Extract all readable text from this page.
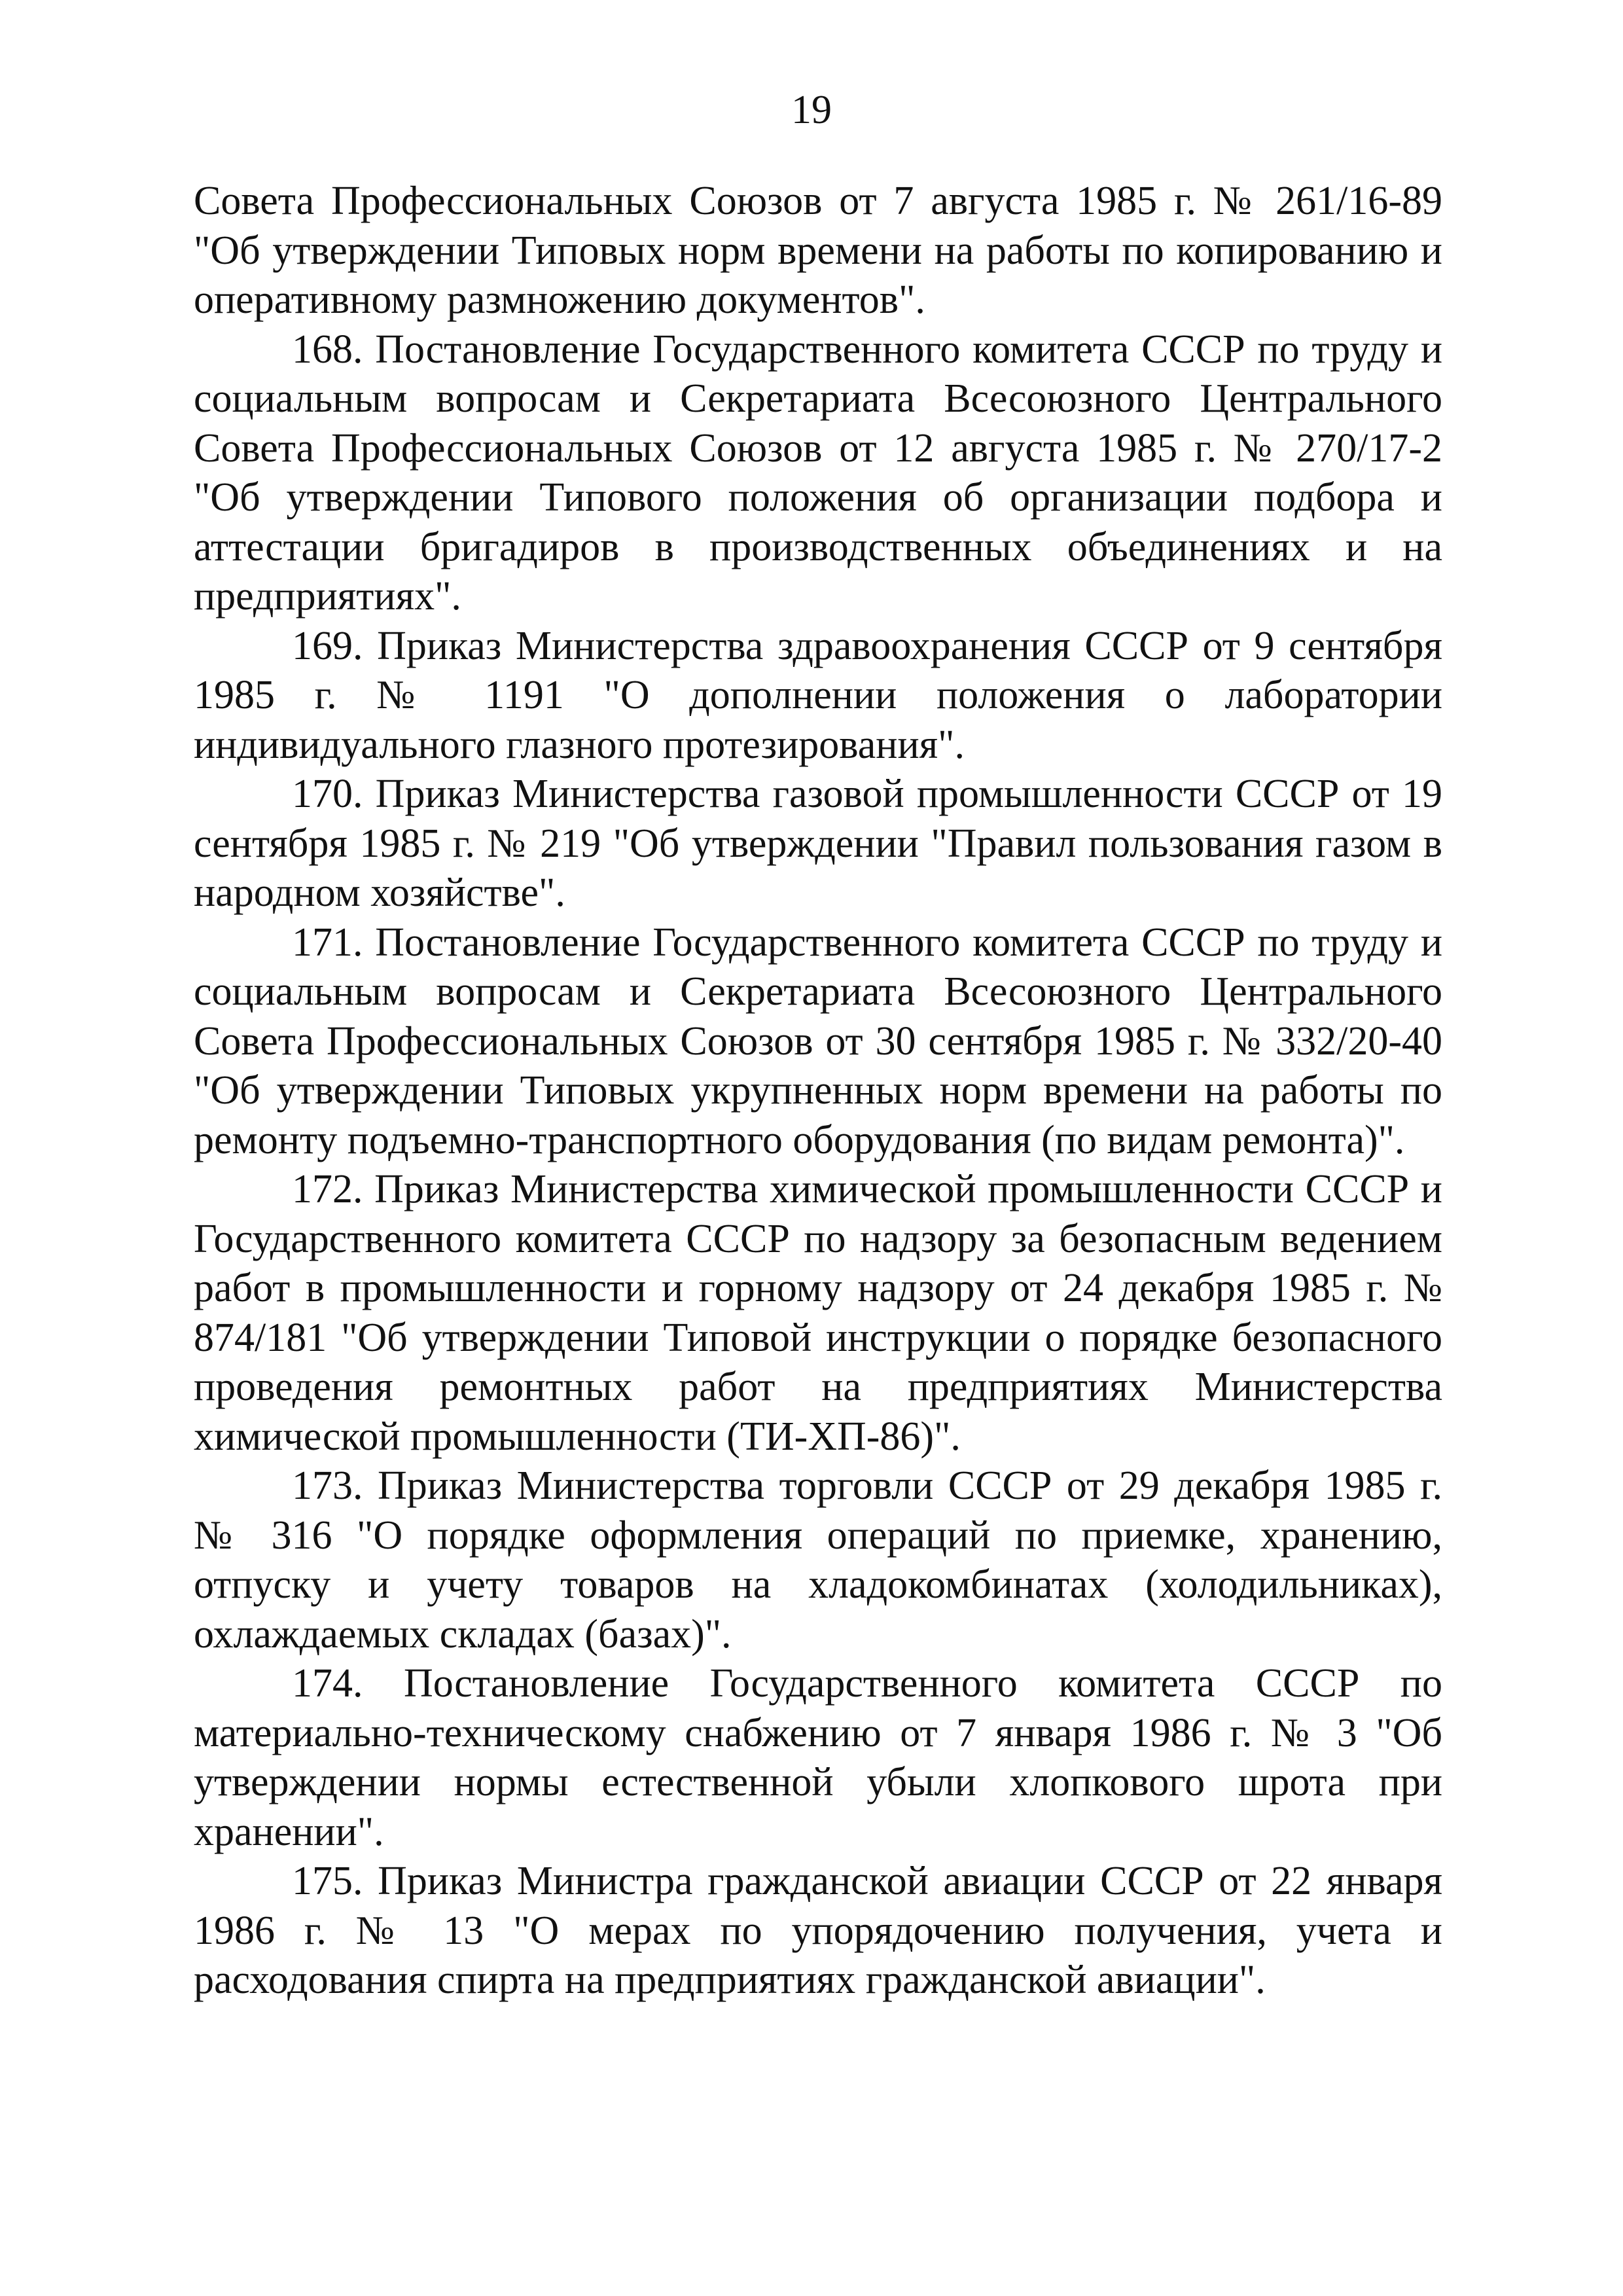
19

Совета Профессиональных Союзов от 7 августа 1985 г. № 261/16-89 "Об утверждении Типовых норм времени на работы по копированию и оперативному размножению документов".

168. Постановление Государственного комитета СССР по труду и социальным вопросам и Секретариата Всесоюзного Центрального Совета Профессиональных Союзов от 12 августа 1985 г. № 270/17-2 "Об утверждении Типового положения об организации подбора и аттестации бригадиров в производственных объединениях и на предприятиях".

169. Приказ Министерства здравоохранения СССР от 9 сентября 1985 г. № 1191 "О дополнении положения о лаборатории индивидуального глазного протезирования".

170. Приказ Министерства газовой промышленности СССР от 19 сентября 1985 г. № 219 "Об утверждении "Правил пользования газом в народном хозяйстве".

171. Постановление Государственного комитета СССР по труду и социальным вопросам и Секретариата Всесоюзного Центрального Совета Профессиональных Союзов от 30 сентября 1985 г. № 332/20-40 "Об утверждении Типовых укрупненных норм времени на работы по ремонту подъемно-транспортного оборудования (по видам ремонта)".

172. Приказ Министерства химической промышленности СССР и Государственного комитета СССР по надзору за безопасным ведением работ в промышленности и горному надзору от 24 декабря 1985 г. № 874/181 "Об утверждении Типовой инструкции о порядке безопасного проведения ремонтных работ на предприятиях Министерства химической промышленности (ТИ-ХП-86)".

173. Приказ Министерства торговли СССР от 29 декабря 1985 г. № 316 "О порядке оформления операций по приемке, хранению, отпуску и учету товаров на хладокомбинатах (холодильниках), охлаждаемых складах (базах)".

174. Постановление Государственного комитета СССР по материально-техническому снабжению от 7 января 1986 г. № 3 "Об утверждении нормы естественной убыли хлопкового шрота при хранении".

175. Приказ Министра гражданской авиации СССР от 22 января 1986 г. № 13 "О мерах по упорядочению получения, учета и расходования спирта на предприятиях гражданской авиации".
